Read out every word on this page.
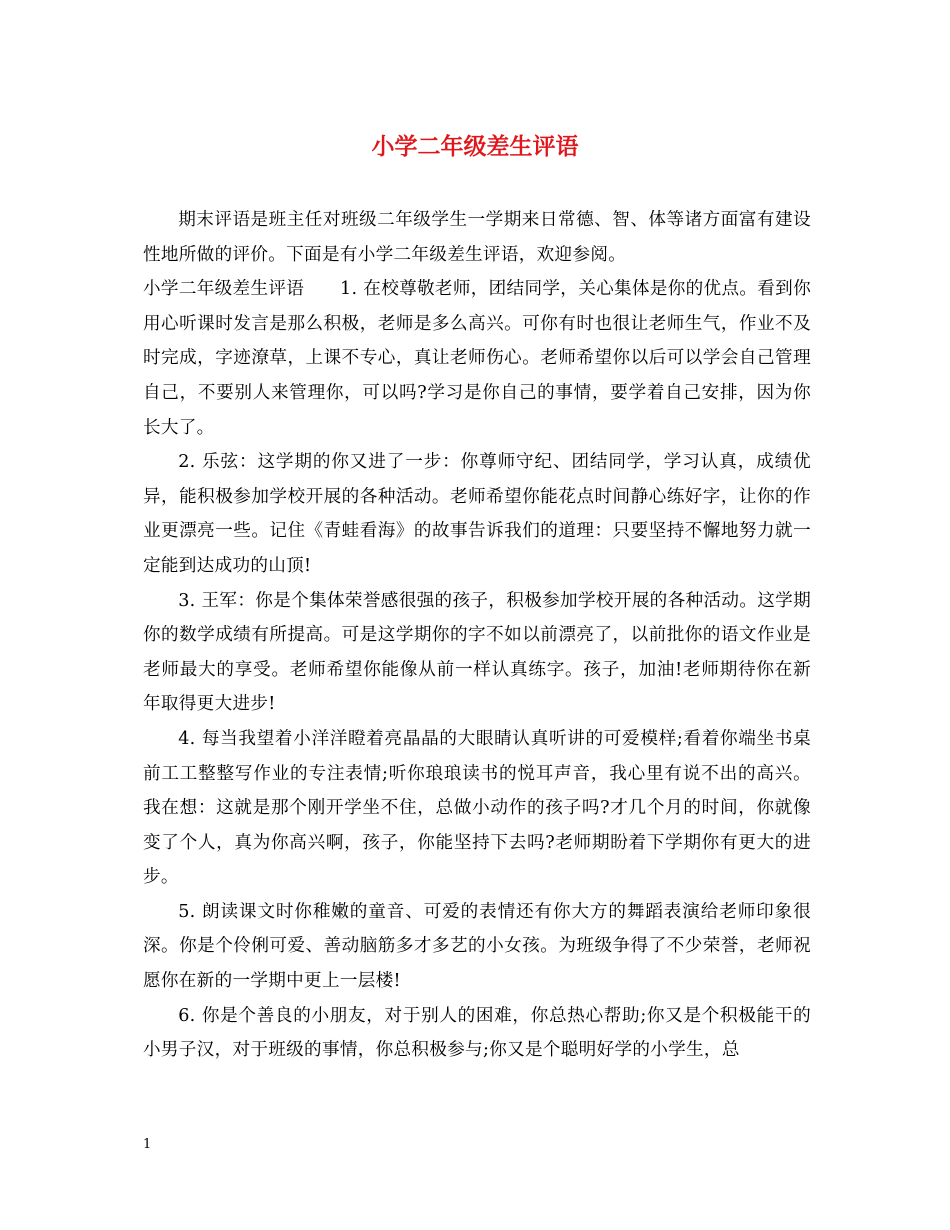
小学二年级差生评语

期末评语是班主任对班级二年级学生一学期来日常德、智、体等诸方面富有建设性地所做的评价。下面是有小学二年级差生评语，欢迎参阅。

小学二年级差生评语　　1. 在校尊敬老师，团结同学，关心集体是你的优点。看到你用心听课时发言是那么积极，老师是多么高兴。可你有时也很让老师生气，作业不及时完成，字迹潦草，上课不专心，真让老师伤心。老师希望你以后可以学会自己管理自己，不要别人来管理你，可以吗?学习是你自己的事情，要学着自己安排，因为你长大了。

2. 乐弦：这学期的你又进了一步：你尊师守纪、团结同学，学习认真，成绩优异，能积极参加学校开展的各种活动。老师希望你能花点时间静心练好字，让你的作业更漂亮一些。记住《青蛙看海》的故事告诉我们的道理：只要坚持不懈地努力就一定能到达成功的山顶!

3. 王军：你是个集体荣誉感很强的孩子，积极参加学校开展的各种活动。这学期你的数学成绩有所提高。可是这学期你的字不如以前漂亮了，以前批你的语文作业是老师最大的享受。老师希望你能像从前一样认真练字。孩子，加油!老师期待你在新年取得更大进步!

4. 每当我望着小洋洋瞪着亮晶晶的大眼睛认真听讲的可爱模样;看着你端坐书桌前工工整整写作业的专注表情;听你琅琅读书的悦耳声音，我心里有说不出的高兴。我在想：这就是那个刚开学坐不住，总做小动作的孩子吗?才几个月的时间，你就像变了个人，真为你高兴啊，孩子，你能坚持下去吗?老师期盼着下学期你有更大的进步。

5. 朗读课文时你稚嫩的童音、可爱的表情还有你大方的舞蹈表演给老师印象很深。你是个伶俐可爱、善动脑筋多才多艺的小女孩。为班级争得了不少荣誉，老师祝愿你在新的一学期中更上一层楼!

6. 你是个善良的小朋友，对于别人的困难，你总热心帮助;你又是个积极能干的小男子汉，对于班级的事情，你总积极参与;你又是个聪明好学的小学生，总

1
